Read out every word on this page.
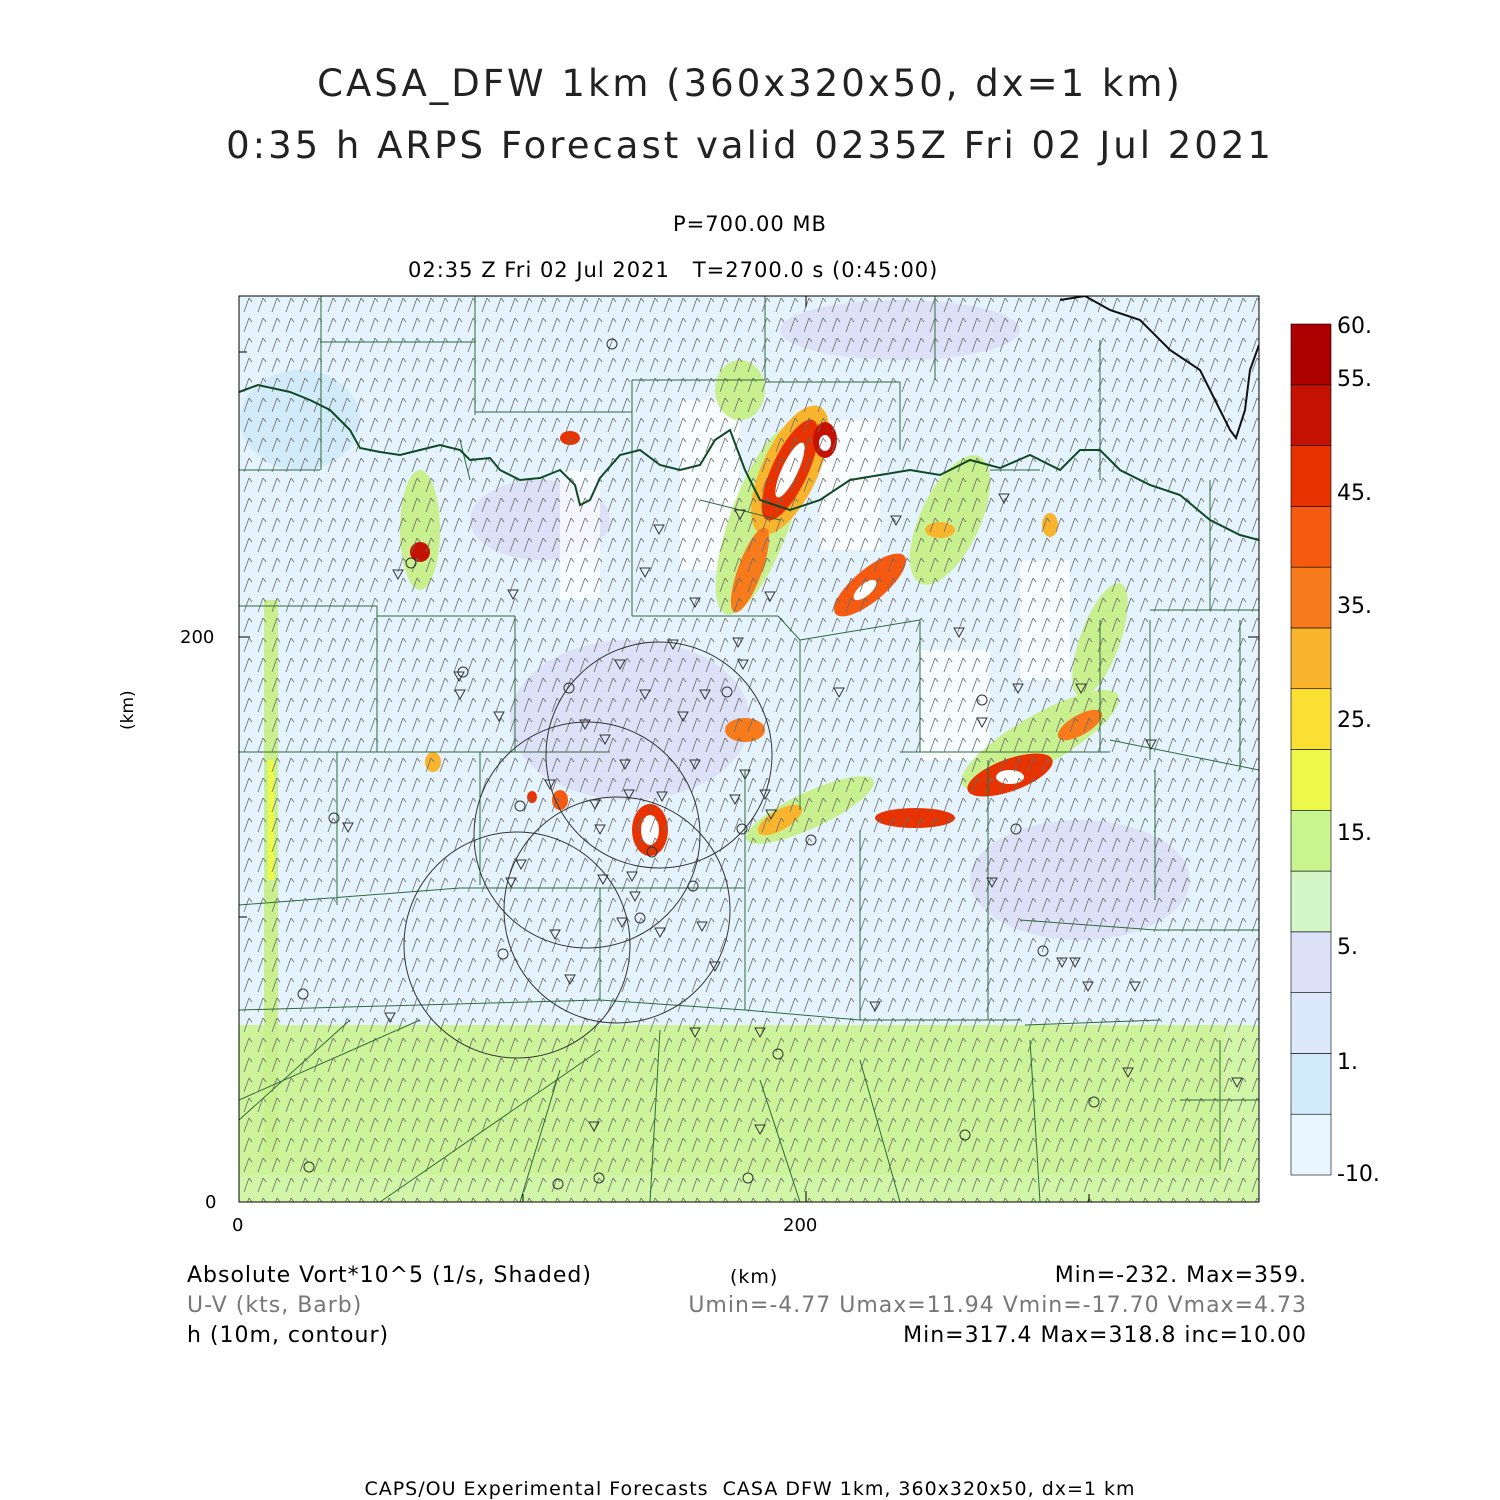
CASA_DFW 1km (360x320x50, dx=1 km)
0:35 h ARPS Forecast valid 0235Z Fri 02 Jul 2021
P=700.00 MB
02:35 Z Fri 02 Jul 2021   T=2700.0 s (0:45:00)
(km)
200
0
0	200
60.
55.
45.
35.
25.
15.
5.
1.
-10.
Absolute Vort*10^5 (1/s, Shaded)	(km)	Min=-232. Max=359.
U-V (kts, Barb)	Umin=-4.77 Umax=11.94 Vmin=-17.70 Vmax=4.73
h (10m, contour)	Min=317.4 Max=318.8 inc=10.00
CAPS/OU Experimental Forecasts  CASA DFW 1km, 360x320x50, dx=1 km
